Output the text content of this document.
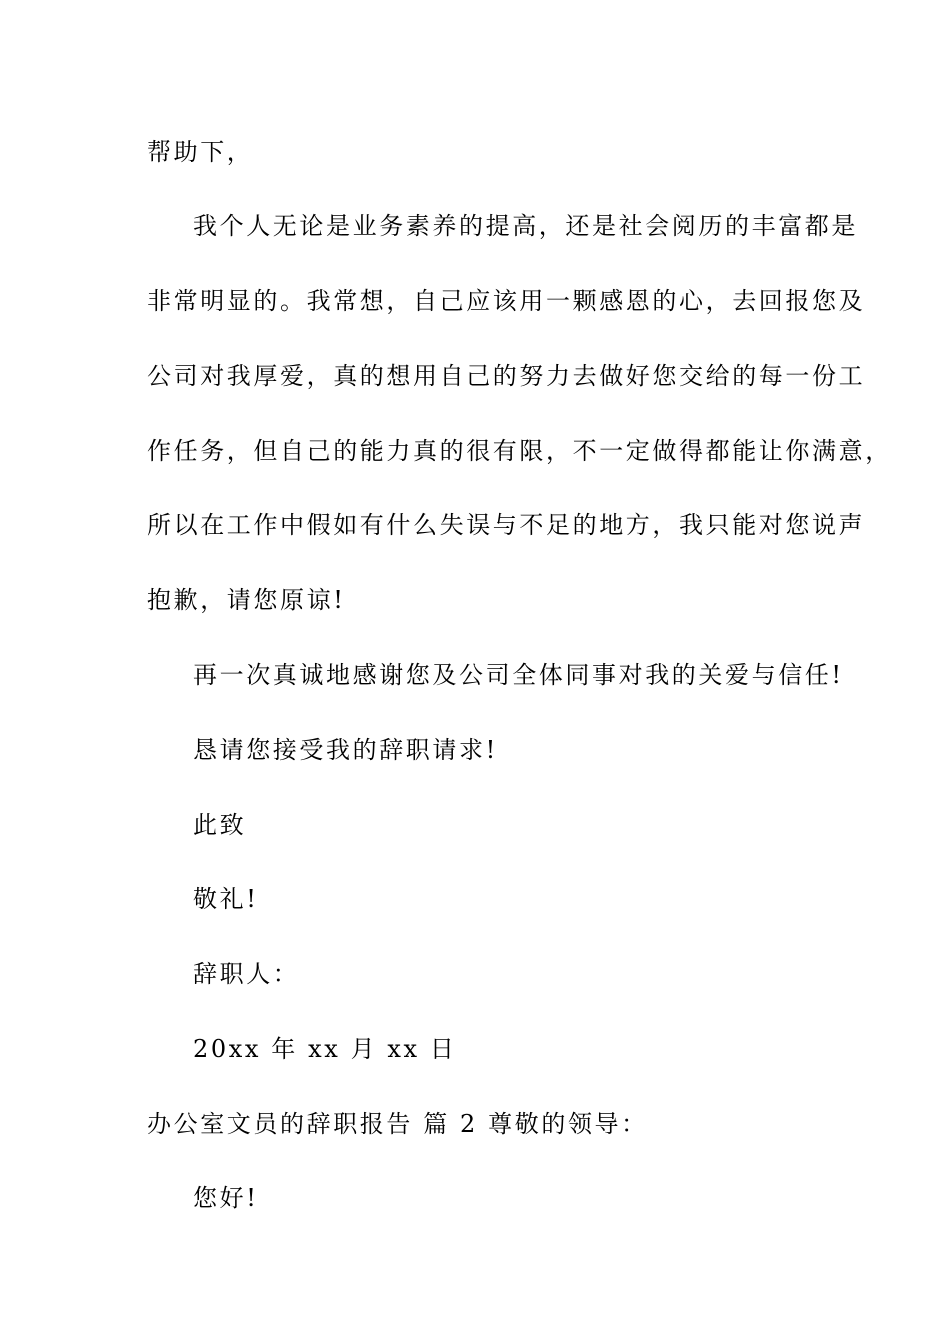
帮助下，
我个人无论是业务素养的提高，还是社会阅历的丰富都是
非常明显的。我常想，自己应该用一颗感恩的心，去回报您及
公司对我厚爱，真的想用自己的努力去做好您交给的每一份工
作任务，但自己的能力真的很有限，不一定做得都能让你满意，
所以在工作中假如有什么失误与不足的地方，我只能对您说声
抱歉，请您原谅!
再一次真诚地感谢您及公司全体同事对我的关爱与信任!
恳请您接受我的辞职请求!
此致
敬礼!
辞职人：
20xx 年 xx 月 xx 日
办公室文员的辞职报告 篇 2 尊敬的领导：
您好!
